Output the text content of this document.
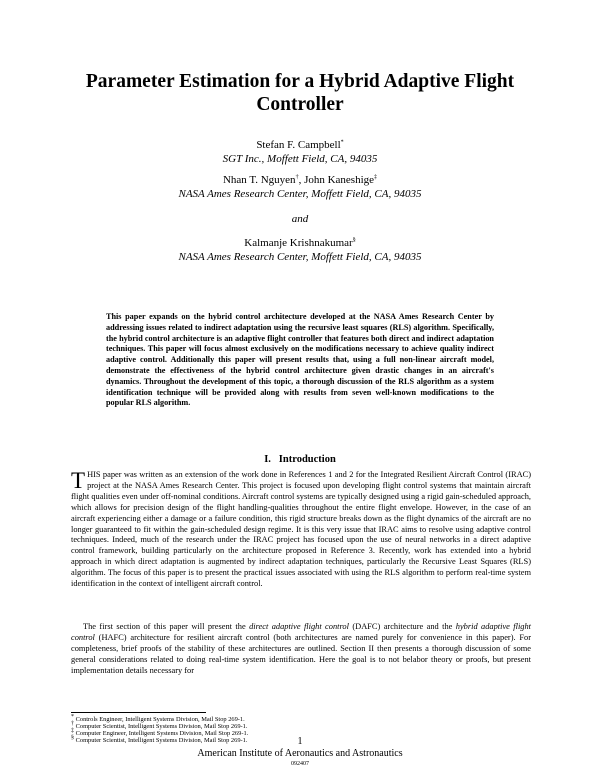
Parameter Estimation for a Hybrid Adaptive Flight Controller
Stefan F. Campbell*
SGT Inc., Moffett Field, CA, 94035
Nhan T. Nguyen†, John Kaneshige‡
NASA Ames Research Center, Moffett Field, CA, 94035
and
Kalmanje Krishnakumar§
NASA Ames Research Center, Moffett Field, CA, 94035
This paper expands on the hybrid control architecture developed at the NASA Ames Research Center by addressing issues related to indirect adaptation using the recursive least squares (RLS) algorithm. Specifically, the hybrid control architecture is an adaptive flight controller that features both direct and indirect adaptation techniques. This paper will focus almost exclusively on the modifications necessary to achieve quality indirect adaptive control. Additionally this paper will present results that, using a full non-linear aircraft model, demonstrate the effectiveness of the hybrid control architecture given drastic changes in an aircraft's dynamics. Throughout the development of this topic, a thorough discussion of the RLS algorithm as a system identification technique will be provided along with results from seven well-known modifications to the popular RLS algorithm.
I. Introduction
THIS paper was written as an extension of the work done in References 1 and 2 for the Integrated Resilient Aircraft Control (IRAC) project at the NASA Ames Research Center. This project is focused upon developing flight control systems that maintain aircraft flight qualities even under off-nominal conditions. Aircraft control systems are typically designed using a rigid gain-scheduled approach, which allows for precision design of the flight handling-qualities throughout the entire flight envelope. However, in the case of an aircraft experiencing either a damage or a failure condition, this rigid structure breaks down as the flight dynamics of the aircraft are no longer guaranteed to fit within the gain-scheduled design regime. It is this very issue that IRAC aims to resolve using adaptive control techniques. Indeed, much of the research under the IRAC project has focused upon the use of neural networks in a direct adaptive control framework, building particularly on the architecture proposed in Reference 3. Recently, work has extended into a hybrid approach in which direct adaptation is augmented by indirect adaptation techniques, particularly the Recursive Least Squares (RLS) algorithm. The focus of this paper is to present the practical issues associated with using the RLS algorithm to perform real-time system identification in the context of intelligent aircraft control.
The first section of this paper will present the direct adaptive flight control (DAFC) architecture and the hybrid adaptive flight control (HAFC) architecture for resilient aircraft control (both architectures are named purely for convenience in this paper). For completeness, brief proofs of the stability of these architectures are outlined. Section II then presents a thorough discussion of some general considerations related to doing real-time system identification. Here the goal is to not belabor theory or proofs, but present implementation details necessary for
* Controls Engineer, Intelligent Systems Division, Mail Stop 269-1.
† Computer Scientist, Intelligent Systems Division, Mail Stop 269-1.
‡ Computer Engineer, Intelligent Systems Division, Mail Stop 269-1.
§ Computer Scientist, Intelligent Systems Division, Mail Stop 269-1.	1
American Institute of Aeronautics and Astronautics
092407
